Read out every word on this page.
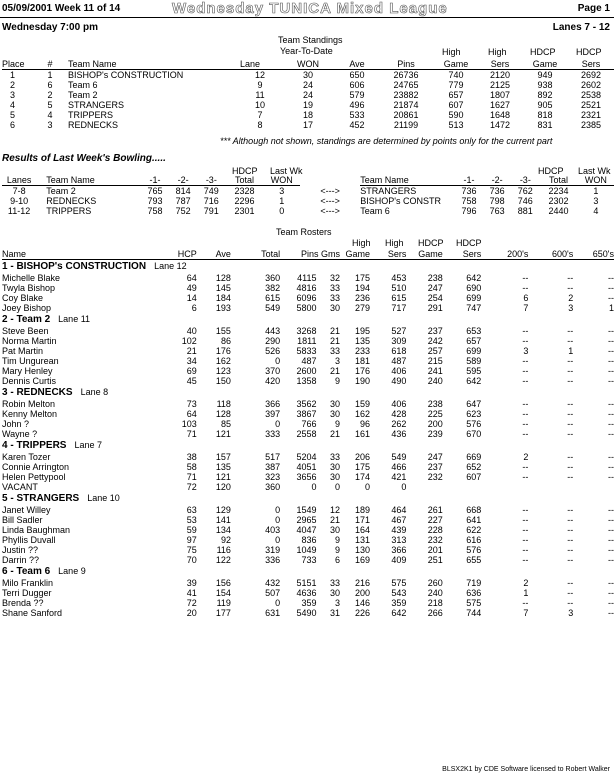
05/09/2001 Week 11 of 14	Wednesday TUNICA Mixed League	Page 1
Wednesday 7:00 pm	Lanes 7 - 12
Team Standings
Year-To-Date	High	High	HDCP HDCP
Place	#	Team Name	Lane	WON	Ave	Pins	Game	Sers	Game	Sers
1	1	BISHOP's CONSTRUCTION	12	30	650	26736	740	2120	949	2692
2	6	Team 6	9	24	606	24765	779	2125	938	2602
3	2	Team 2	11	24	579	23882	657	1807	892	2538
4	5	STRANGERS	10	19	496	21874	607	1627	905	2521
5	4	TRIPPERS	7	18	533	20861	590	1648	818	2321
6	3	REDNECKS	8	17	452	21199	513	1472	831	2385
*** Although not shown, standings are determined by points only for the current part
Results of Last Week's Bowling.....
HDCP Last Wk	HDCP Last Wk
Lanes	Team Name	-1-	-2-	-3-	Total	WON		Team Name	-1-	-2-	-3-	Total	WON
7-8	Team 2	765	814	749	2328	3	<--->	STRANGERS	736	736	762	2234	1
9-10	REDNECKS	793	787	716	2296	1	<--->	BISHOP's CONSTR	758	798	746	2302	3
11-12	TRIPPERS	758	752	791	2301	0	<--->	Team 6	796	763	881	2440	4
Team Rosters
High High HDCP HDCP
Name	HCP	Ave	Total	Pins Gms		Game	Sers	Game	Sers	200's	600's	650's
1 - BISHOP's CONSTRUCTION Lane 12												
Michelle Blake	64	128	360	4115	32	175	453	238	642	--	--	--
Twyla Bishop	49	145	382	4816	33	194	510	247	690	--	--	--
Coy Blake	14	184	615	6096	33	236	615	254	699	6	2	--
Joey Bishop	6	193	549	5800	30	279	717	291	747	7	3	1
2 - Team 2 Lane 11												
Steve Been	40	155	443	3268	21	195	527	237	653	--	--	--
Norma Martin	102	86	290	1811	21	135	309	242	657	--	--	--
Pat Martin	21	176	526	5833	33	233	618	257	699	3	1	--
Tim Ungurean	34	162	0	487	3	181	487	215	589	--	--	--
Mary Henley	69	123	370	2600	21	176	406	241	595	--	--	--
Dennis Curtis	45	150	420	1358	9	190	490	240	642	--	--	--
3 - REDNECKS Lane 8												
Robin Melton	73	118	366	3562	30	159	406	238	647	--	--	--
Kenny Melton	64	128	397	3867	30	162	428	225	623	--	--	--
John ?	103	85	0	766	9	96	262	200	576	--	--	--
Wayne ?	71	121	333	2558	21	161	436	239	670	--	--	--
4 - TRIPPERS Lane 7												
Karen Tozer	38	157	517	5204	33	206	549	247	669	2	--	--
Connie Arrington	58	135	387	4051	30	175	466	237	652	--	--	--
Helen Pettypool	71	121	323	3656	30	174	421	232	607	--	--	--
VACANT	72	120	360	0	0	0	0					
5 - STRANGERS Lane 10												
Janet Willey	63	129	0	1549	12	189	464	261	668	--	--	--
Bill Sadler	53	141	0	2965	21	171	467	227	641	--	--	--
Linda Baughman	59	134	403	4047	30	164	439	228	622	--	--	--
Phyllis Duvall	97	92	0	836	9	131	313	232	616	--	--	--
Justin ??	75	116	319	1049	9	130	366	201	576	--	--	--
Darrin ??	70	122	336	733	6	169	409	251	655	--	--	--
6 - Team 6 Lane 9												
Milo Franklin	39	156	432	5151	33	216	575	260	719	2	--	--
Terri Dugger	41	154	507	4636	30	200	543	240	636	1	--	--
Brenda ??	72	119	0	359	3	146	359	218	575	--	--	--
Shane Sanford	20	177	631	5490	31	226	642	266	744	7	3	--
BLSX2K1 by CDE Software licensed to Robert Walker
